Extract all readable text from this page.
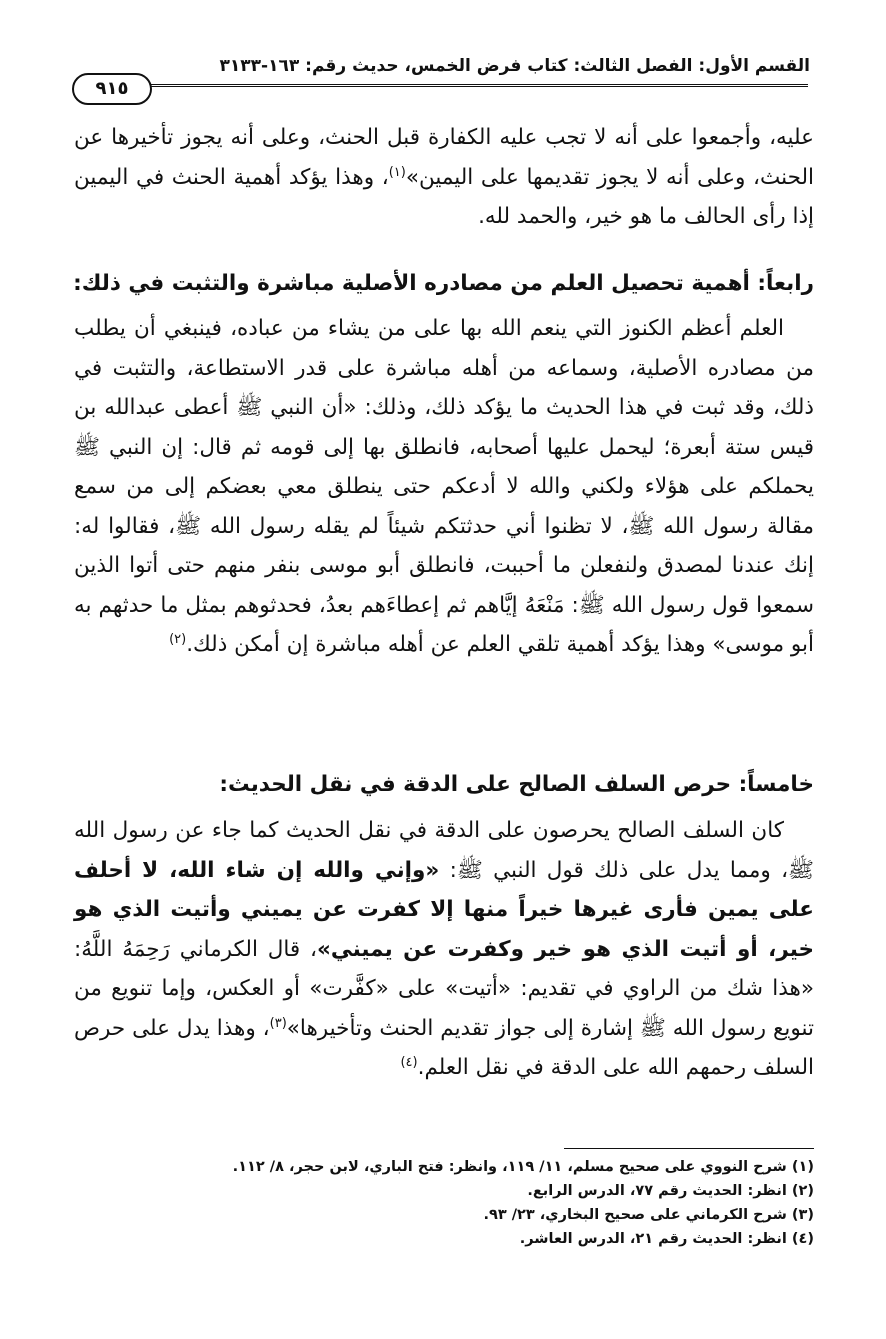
القسم الأول: الفصل الثالث: كتاب فرض الخمس، حديث رقم: ١٦٣-٣١٣٣
٩١٥

عليه، وأجمعوا على أنه لا تجب عليه الكفارة قبل الحنث، وعلى أنه يجوز تأخيرها عن الحنث، وعلى أنه لا يجوز تقديمها على اليمين»$^{(١)}$، وهذا يؤكد أهمية الحنث في اليمين إذا رأى الحالف ما هو خير، والحمد لله.

رابعاً: أهمية تحصيل العلم من مصادره الأصلية مباشرة والتثبت في ذلك:

العلم أعظم الكنوز التي ينعم الله بها على من يشاء من عباده، فينبغي أن يطلب من مصادره الأصلية، وسماعه من أهله مباشرة على قدر الاستطاعة، والتثبت في ذلك، وقد ثبت في هذا الحديث ما يؤكد ذلك، وذلك: «أن النبي ﷺ أعطى عبدالله بن قيس ستة أبعرة؛ ليحمل عليها أصحابه، فانطلق بها إلى قومه ثم قال: إن النبي ﷺ يحملكم على هؤلاء ولكني والله لا أدعكم حتى ينطلق معي بعضكم إلى من سمع مقالة رسول الله ﷺ، لا تظنوا أني حدثتكم شيئاً لم يقله رسول الله ﷺ، فقالوا له: إنك عندنا لمصدق ولنفعلن ما أحببت، فانطلق أبو موسى بنفر منهم حتى أتوا الذين سمعوا قول رسول الله ﷺ: مَنْعَهُ إيَّاهم ثم إعطاءَهم بعدُ، فحدثوهم بمثل ما حدثهم به أبو موسى» وهذا يؤكد أهمية تلقي العلم عن أهله مباشرة إن أمكن ذلك.$^{(٢)}$

خامساً: حرص السلف الصالح على الدقة في نقل الحديث:

كان السلف الصالح يحرصون على الدقة في نقل الحديث كما جاء عن رسول الله ﷺ، ومما يدل على ذلك قول النبي ﷺ: «وإني والله إن شاء الله، لا أحلف على يمين فأرى غيرها خيراً منها إلا كفرت عن يميني وأتيت الذي هو خير، أو أتيت الذي هو خير وكفرت عن يميني»، قال الكرماني رَحِمَهُ اللَّهُ: «هذا شك من الراوي في تقديم: «أتيت» على «كفَّرت» أو العكس، وإما تنويع من تنويع رسول الله ﷺ إشارة إلى جواز تقديم الحنث وتأخيرها»$^{(٣)}$، وهذا يدل على حرص السلف رحمهم الله على الدقة في نقل العلم.$^{(٤)}$

(١) شرح النووي على صحيح مسلم، ١١/ ١١٩، وانظر: فتح الباري، لابن حجر، ٨/ ١١٢.
(٢) انظر: الحديث رقم ٧٧، الدرس الرابع.
(٣) شرح الكرماني على صحيح البخاري، ٢٣/ ٩٣.
(٤) انظر: الحديث رقم ٢١، الدرس العاشر.
